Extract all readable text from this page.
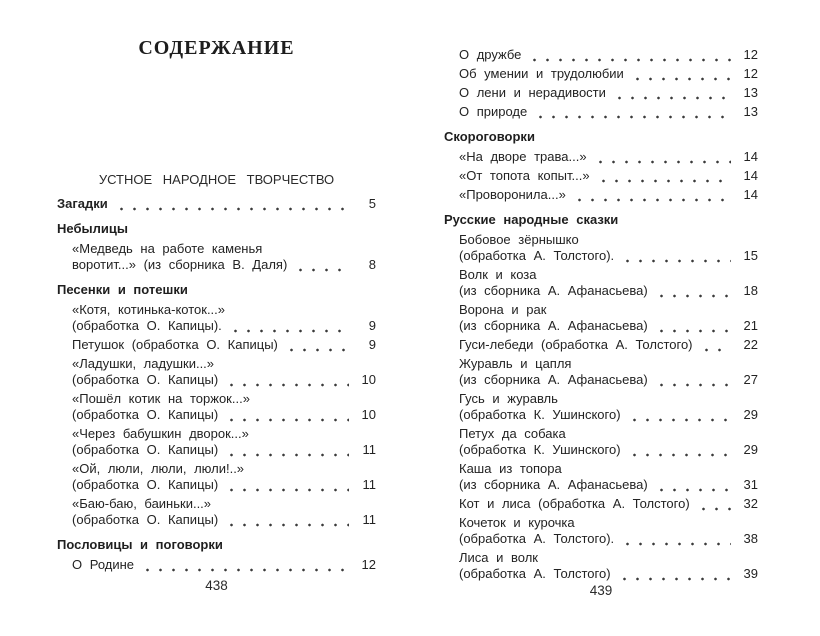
СОДЕРЖАНИЕ
УСТНОЕ НАРОДНОЕ ТВОРЧЕСТВО
Загадки	5
Небылицы
«Медведь на работе каменья
воротит...» (из сборника В. Даля)	8
Песенки и потешки
«Котя, котинька-коток...»
(обработка О. Капицы).	9
Петушок (обработка О. Капицы)	9
«Ладушки, ладушки...»
(обработка О. Капицы)	10
«Пошёл котик на торжок...»
(обработка О. Капицы)	10
«Через бабушкин дворок...»
(обработка О. Капицы)	11
«Ой, люли, люли, люли!..»
(обработка О. Капицы)	11
«Баю-баю, баиньки...»
(обработка О. Капицы)	11
Пословицы и поговорки
О Родине	12
О дружбе	12
Об умении и трудолюбии	12
О лени и нерадивости	13
О природе	13
Скороговорки
«На дворе трава...»	14
«От топота копыт...»	14
«Проворонила...»	14
Русские народные сказки
Бобовое зёрнышко
(обработка А. Толстого).	15
Волк и коза
(из сборника А. Афанасьева)	18
Ворона и рак
(из сборника А. Афанасьева)	21
Гуси-лебеди (обработка А. Толстого)	22
Журавль и цапля
(из сборника А. Афанасьева)	27
Гусь и журавль
(обработка К. Ушинского)	29
Петух да собака
(обработка К. Ушинского)	29
Каша из топора
(из сборника А. Афанасьева)	31
Кот и лиса (обработка А. Толстого)	32
Кочеток и курочка
(обработка А. Толстого).	38
Лиса и волк
(обработка А. Толстого)	39
438	439
